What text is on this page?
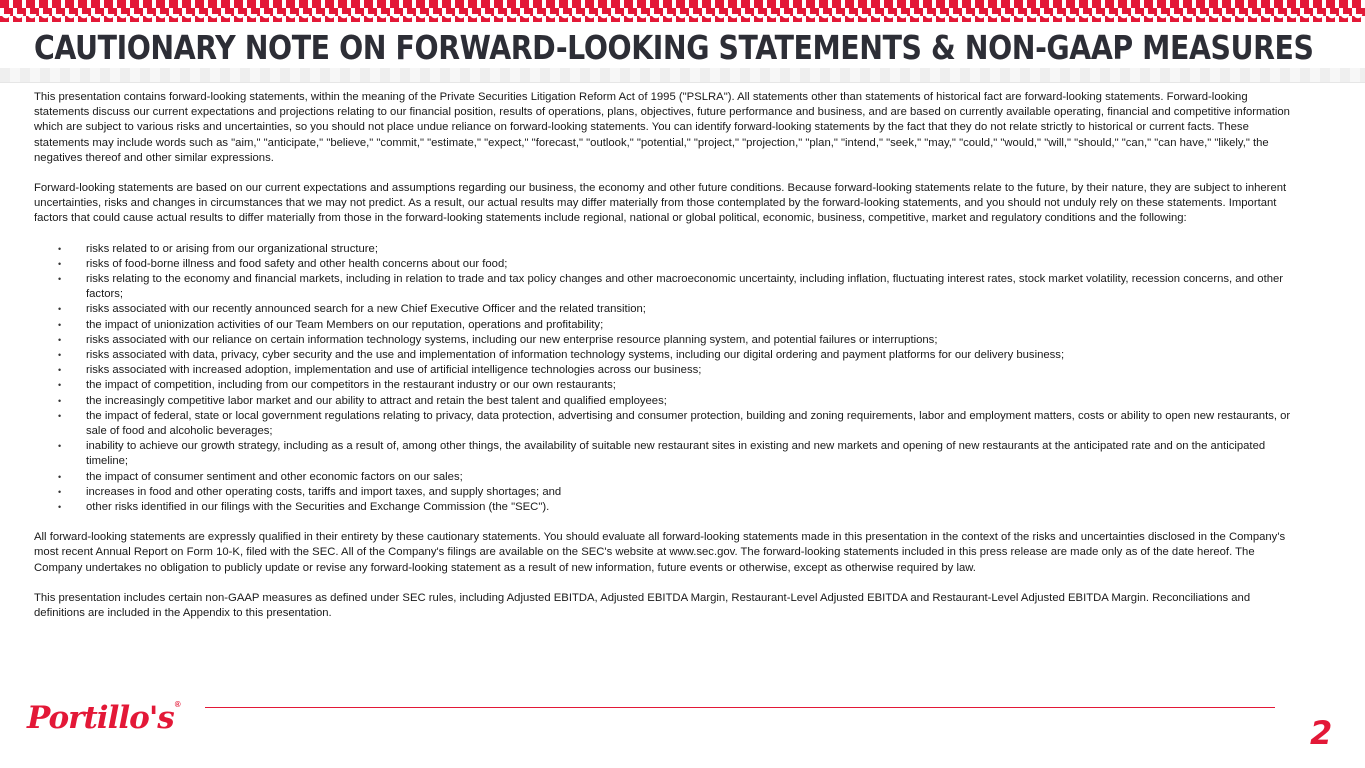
CAUTIONARY NOTE ON FORWARD-LOOKING STATEMENTS & NON-GAAP MEASURES

This presentation contains forward-looking statements, within the meaning of the Private Securities Litigation Reform Act of 1995 ("PSLRA"). All statements other than statements of historical fact are forward-looking statements. Forward-looking statements discuss our current expectations and projections relating to our financial position, results of operations, plans, objectives, future performance and business, and are based on currently available operating, financial and competitive information which are subject to various risks and uncertainties, so you should not place undue reliance on forward-looking statements. You can identify forward-looking statements by the fact that they do not relate strictly to historical or current facts. These statements may include words such as "aim," "anticipate," "believe," "commit," "estimate," "expect," "forecast," "outlook," "potential," "project," "projection," "plan," "intend," "seek," "may," "could," "would," "will," "should," "can," "can have," "likely," the negatives thereof and other similar expressions.

Forward-looking statements are based on our current expectations and assumptions regarding our business, the economy and other future conditions. Because forward-looking statements relate to the future, by their nature, they are subject to inherent uncertainties, risks and changes in circumstances that we may not predict. As a result, our actual results may differ materially from those contemplated by the forward-looking statements, and you should not unduly rely on these statements. Important factors that could cause actual results to differ materially from those in the forward-looking statements include regional, national or global political, economic, business, competitive, market and regulatory conditions and the following:

• risks related to or arising from our organizational structure;
• risks of food-borne illness and food safety and other health concerns about our food;
• risks relating to the economy and financial markets, including in relation to trade and tax policy changes and other macroeconomic uncertainty, including inflation, fluctuating interest rates, stock market volatility, recession concerns, and other factors;
• risks associated with our recently announced search for a new Chief Executive Officer and the related transition;
• the impact of unionization activities of our Team Members on our reputation, operations and profitability;
• risks associated with our reliance on certain information technology systems, including our new enterprise resource planning system, and potential failures or interruptions;
• risks associated with data, privacy, cyber security and the use and implementation of information technology systems, including our digital ordering and payment platforms for our delivery business;
• risks associated with increased adoption, implementation and use of artificial intelligence technologies across our business;
• the impact of competition, including from our competitors in the restaurant industry or our own restaurants;
• the increasingly competitive labor market and our ability to attract and retain the best talent and qualified employees;
• the impact of federal, state or local government regulations relating to privacy, data protection, advertising and consumer protection, building and zoning requirements, labor and employment matters, costs or ability to open new restaurants, or sale of food and alcoholic beverages;
• inability to achieve our growth strategy, including as a result of, among other things, the availability of suitable new restaurant sites in existing and new markets and opening of new restaurants at the anticipated rate and on the anticipated timeline;
• the impact of consumer sentiment and other economic factors on our sales;
• increases in food and other operating costs, tariffs and import taxes, and supply shortages; and
• other risks identified in our filings with the Securities and Exchange Commission (the "SEC").

All forward-looking statements are expressly qualified in their entirety by these cautionary statements. You should evaluate all forward-looking statements made in this presentation in the context of the risks and uncertainties disclosed in the Company's most recent Annual Report on Form 10-K, filed with the SEC. All of the Company's filings are available on the SEC's website at www.sec.gov. The forward-looking statements included in this press release are made only as of the date hereof. The Company undertakes no obligation to publicly update or revise any forward-looking statement as a result of new information, future events or otherwise, except as otherwise required by law.

This presentation includes certain non-GAAP measures as defined under SEC rules, including Adjusted EBITDA, Adjusted EBITDA Margin, Restaurant-Level Adjusted EBITDA and Restaurant-Level Adjusted EBITDA Margin. Reconciliations and definitions are included in the Appendix to this presentation.

Portillo's®
2
